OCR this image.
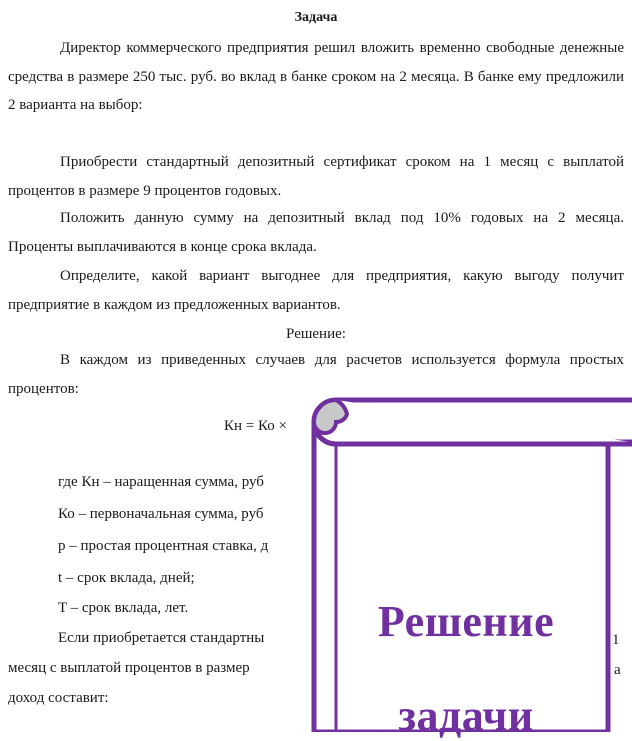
Задача

Директор коммерческого предприятия решил вложить временно свободные денежные средства в размере 250 тыс. руб. во вклад в банке сроком на 2 месяца. В банке ему предложили 2 варианта на выбор:

Приобрести стандартный депозитный сертификат сроком на 1 месяц с выплатой процентов в размере 9 процентов годовых.

Положить данную сумму на депозитный вклад под 10% годовых на 2 месяца. Проценты выплачиваются в конце срока вклада.

Определите, какой вариант выгоднее для предприятия, какую выгоду получит предприятие в каждом из предложенных вариантов.

Решение:

В каждом из приведенных случаев для расчетов используется формула простых процентов:

Кн = Ко ×
где Кн – наращенная сумма, руб
Ко – первоначальная сумма, руб
p – простая процентная ставка, д
t – срок вклада, дней;
T – срок вклада, лет.
Если приобретается стандартны
месяц с выплатой процентов в размер
доход составит:
1
а
Решение
задачи
